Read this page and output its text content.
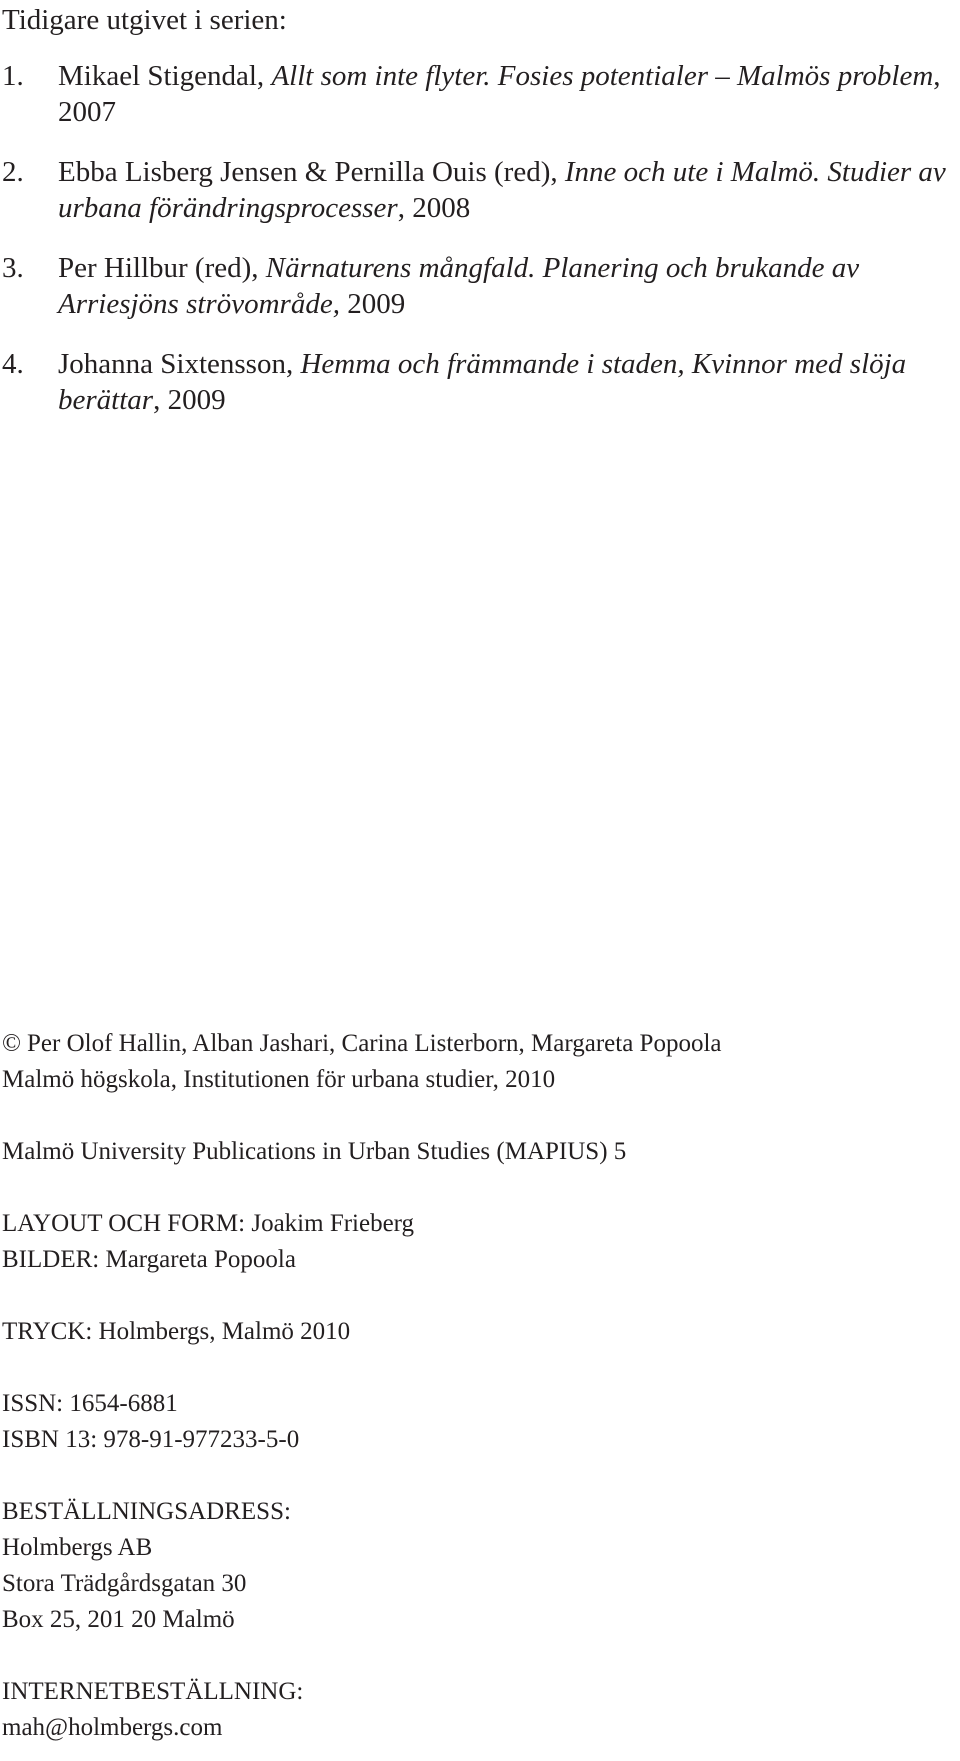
Tidigare utgivet i serien:
1.	Mikael Stigendal, Allt som inte flyter. Fosies potentialer – Malmös problem, 2007
2.	Ebba Lisberg Jensen & Pernilla Ouis (red), Inne och ute i Malmö. Studier av urbana förändringsprocesser, 2008
3.	Per Hillbur (red), Närnaturens mångfald. Planering och brukande av Arriesjöns strövområde, 2009
4.	Johanna Sixtensson, Hemma och främmande i staden, Kvinnor med slöja berättar, 2009
© Per Olof Hallin, Alban Jashari, Carina Listerborn, Margareta Popoola
Malmö högskola, Institutionen för urbana studier, 2010
Malmö University Publications in Urban Studies (MAPIUS) 5
LAYOUT OCH FORM: Joakim Frieberg
BILDER: Margareta Popoola
TRYCK: Holmbergs, Malmö 2010
ISSN: 1654-6881
ISBN 13: 978-91-977233-5-0
BESTÄLLNINGSADRESS:
Holmbergs AB
Stora Trädgårdsgatan 30
Box 25, 201 20 Malmö
INTERNETBESTÄLLNING:
mah@holmbergs.com
